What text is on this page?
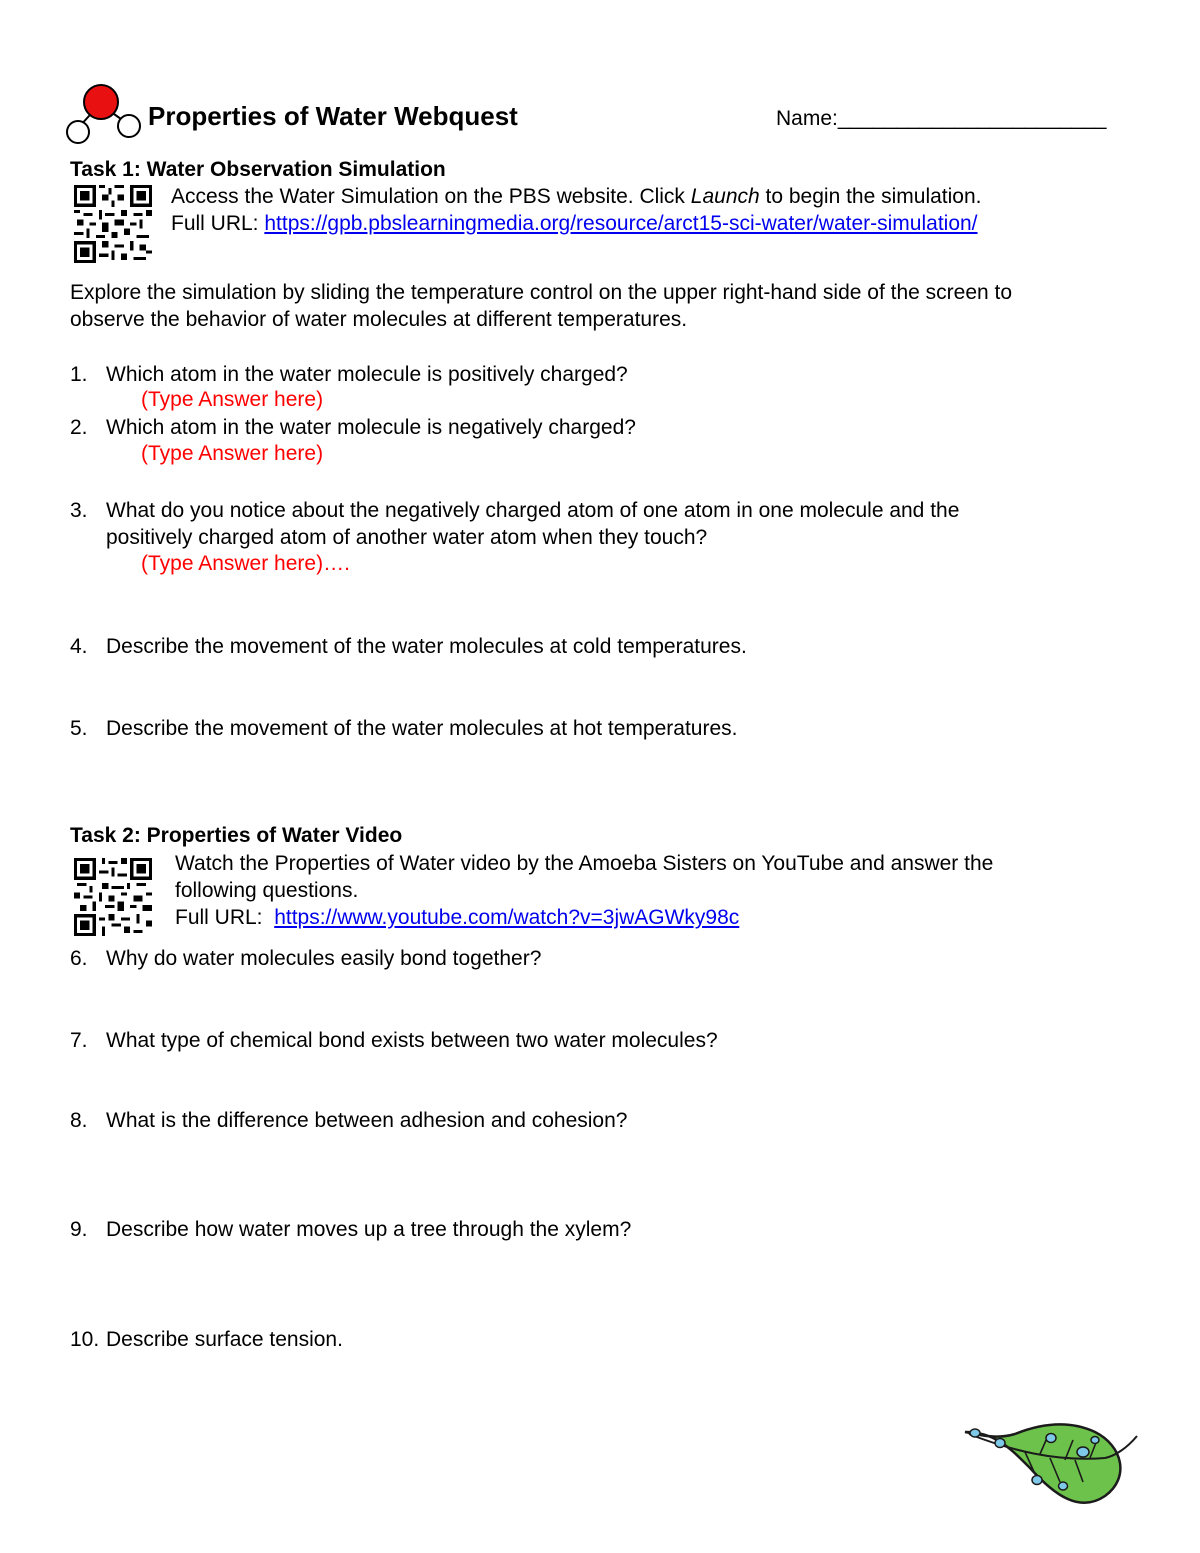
Properties of Water Webquest	Name:_______________________
Task 1: Water Observation Simulation
Access the Water Simulation on the PBS website. Click Launch to begin the simulation.
Full URL: https://gpb.pbslearningmedia.org/resource/arct15-sci-water/water-simulation/
Explore the simulation by sliding the temperature control on the upper right-hand side of the screen to
observe the behavior of water molecules at different temperatures.
1. Which atom in the water molecule is positively charged?
(Type Answer here)
2. Which atom in the water molecule is negatively charged?
(Type Answer here)
3. What do you notice about the negatively charged atom of one atom in one molecule and the
positively charged atom of another water atom when they touch?
(Type Answer here)….
4. Describe the movement of the water molecules at cold temperatures.
5. Describe the movement of the water molecules at hot temperatures.
Task 2: Properties of Water Video
Watch the Properties of Water video by the Amoeba Sisters on YouTube and answer the
following questions.
Full URL:  https://www.youtube.com/watch?v=3jwAGWky98c
6. Why do water molecules easily bond together?
7. What type of chemical bond exists between two water molecules?
8. What is the difference between adhesion and cohesion?
9. Describe how water moves up a tree through the xylem?
10. Describe surface tension.
